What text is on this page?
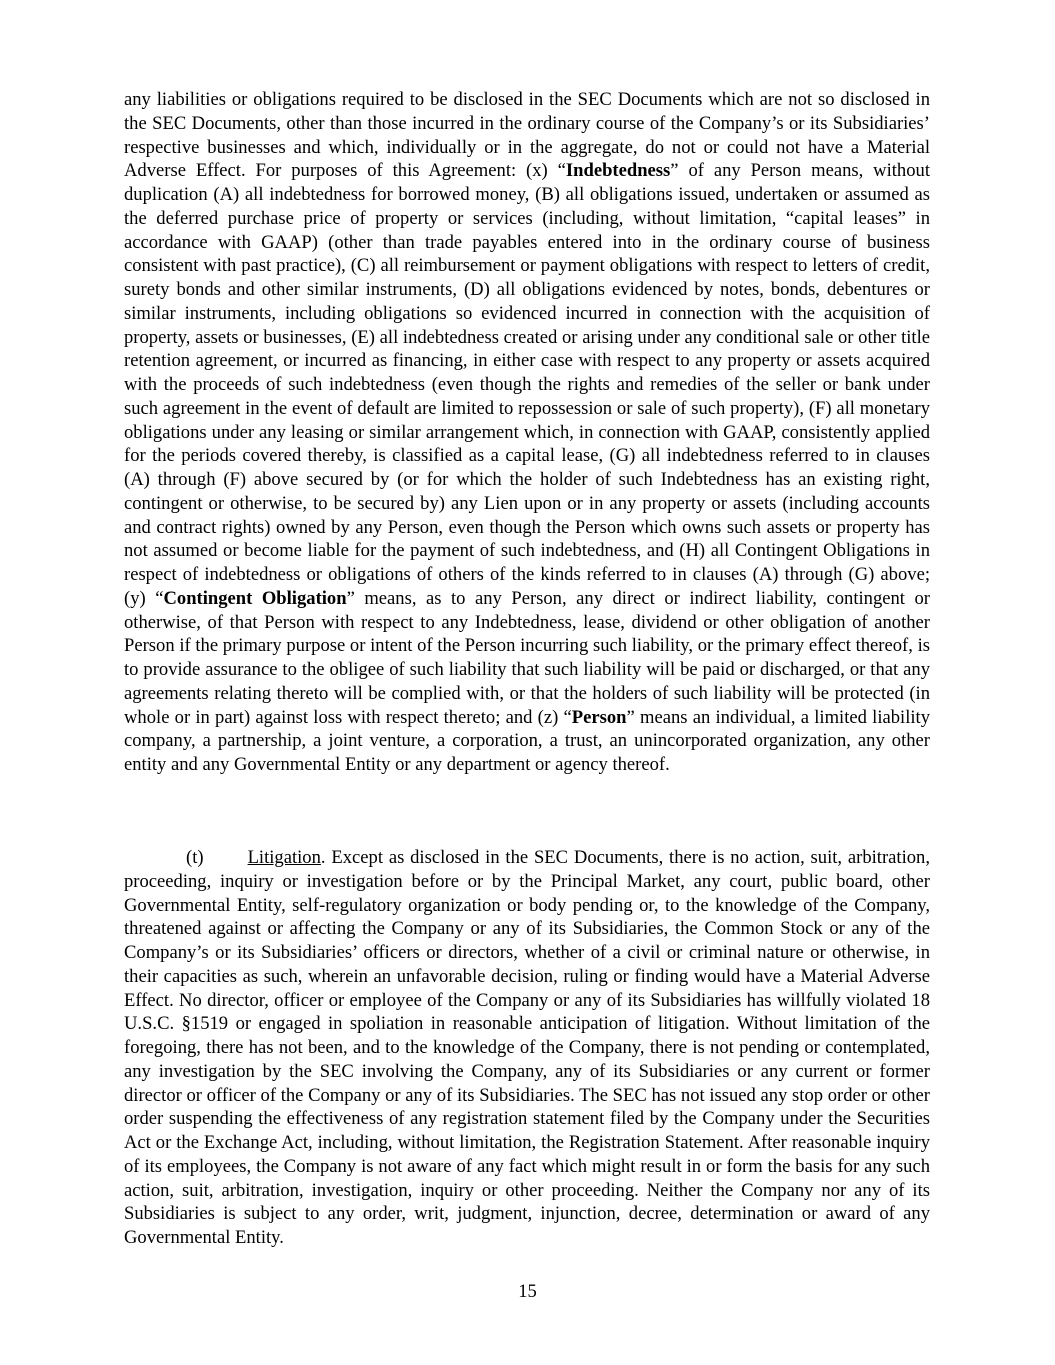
any liabilities or obligations required to be disclosed in the SEC Documents which are not so disclosed in the SEC Documents, other than those incurred in the ordinary course of the Company’s or its Subsidiaries’ respective businesses and which, individually or in the aggregate, do not or could not have a Material Adverse Effect. For purposes of this Agreement: (x) “Indebtedness” of any Person means, without duplication (A) all indebtedness for borrowed money, (B) all obligations issued, undertaken or assumed as the deferred purchase price of property or services (including, without limitation, “capital leases” in accordance with GAAP) (other than trade payables entered into in the ordinary course of business consistent with past practice), (C) all reimbursement or payment obligations with respect to letters of credit, surety bonds and other similar instruments, (D) all obligations evidenced by notes, bonds, debentures or similar instruments, including obligations so evidenced incurred in connection with the acquisition of property, assets or businesses, (E) all indebtedness created or arising under any conditional sale or other title retention agreement, or incurred as financing, in either case with respect to any property or assets acquired with the proceeds of such indebtedness (even though the rights and remedies of the seller or bank under such agreement in the event of default are limited to repossession or sale of such property), (F) all monetary obligations under any leasing or similar arrangement which, in connection with GAAP, consistently applied for the periods covered thereby, is classified as a capital lease, (G) all indebtedness referred to in clauses (A) through (F) above secured by (or for which the holder of such Indebtedness has an existing right, contingent or otherwise, to be secured by) any Lien upon or in any property or assets (including accounts and contract rights) owned by any Person, even though the Person which owns such assets or property has not assumed or become liable for the payment of such indebtedness, and (H) all Contingent Obligations in respect of indebtedness or obligations of others of the kinds referred to in clauses (A) through (G) above; (y) “Contingent Obligation” means, as to any Person, any direct or indirect liability, contingent or otherwise, of that Person with respect to any Indebtedness, lease, dividend or other obligation of another Person if the primary purpose or intent of the Person incurring such liability, or the primary effect thereof, is to provide assurance to the obligee of such liability that such liability will be paid or discharged, or that any agreements relating thereto will be complied with, or that the holders of such liability will be protected (in whole or in part) against loss with respect thereto; and (z) “Person” means an individual, a limited liability company, a partnership, a joint venture, a corporation, a trust, an unincorporated organization, any other entity and any Governmental Entity or any department or agency thereof.

(t) Litigation. Except as disclosed in the SEC Documents, there is no action, suit, arbitration, proceeding, inquiry or investigation before or by the Principal Market, any court, public board, other Governmental Entity, self-regulatory organization or body pending or, to the knowledge of the Company, threatened against or affecting the Company or any of its Subsidiaries, the Common Stock or any of the Company’s or its Subsidiaries’ officers or directors, whether of a civil or criminal nature or otherwise, in their capacities as such, wherein an unfavorable decision, ruling or finding would have a Material Adverse Effect. No director, officer or employee of the Company or any of its Subsidiaries has willfully violated 18 U.S.C. §1519 or engaged in spoliation in reasonable anticipation of litigation. Without limitation of the foregoing, there has not been, and to the knowledge of the Company, there is not pending or contemplated, any investigation by the SEC involving the Company, any of its Subsidiaries or any current or former director or officer of the Company or any of its Subsidiaries. The SEC has not issued any stop order or other order suspending the effectiveness of any registration statement filed by the Company under the Securities Act or the Exchange Act, including, without limitation, the Registration Statement. After reasonable inquiry of its employees, the Company is not aware of any fact which might result in or form the basis for any such action, suit, arbitration, investigation, inquiry or other proceeding. Neither the Company nor any of its Subsidiaries is subject to any order, writ, judgment, injunction, decree, determination or award of any Governmental Entity.

15
